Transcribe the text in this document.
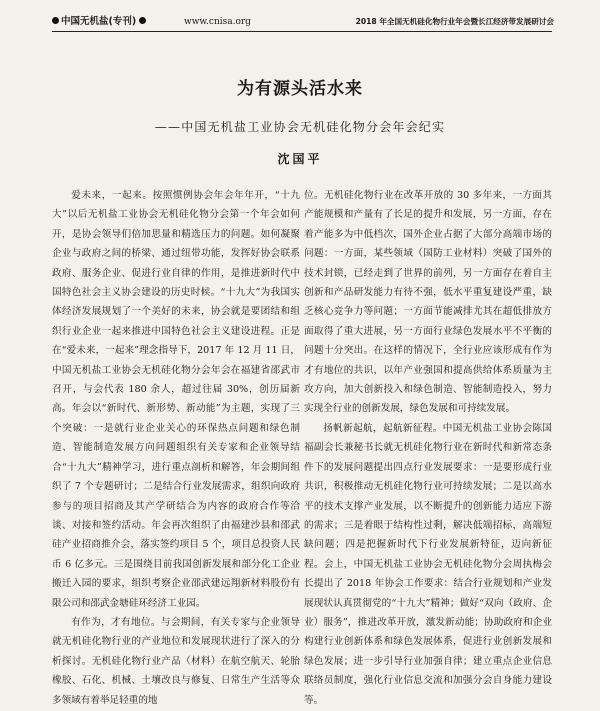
中国无机盐(专刊)	www.cnisa.org	2018 年全国无机硅化物行业年会暨长江经济带发展研讨会
为有源头活水来
——中国无机盐工业协会无机硅化物分会年会纪实
沈国平

爱未来，一起来。按照惯例协会年会年年开，“十九大”以后无机盐工业协会无机硅化物分会第一个年会如何开，是协会领导们倍加思量和精选压力的问题。如何凝聚企业与政府之间的桥梁、通过纽带功能，发挥好协会联系政府、服务企业、促进行业自律的作用，是推进新时代中国特色社会主义协会建设的历史时候。“十九大”为我国实体经济发展规划了一个美好的未来，协会就是要团结和组织行业企业一起来推进中国特色社会主义建设进程。正是在“爱未来，一起来”理念指导下，2017 年 12 月 11 日，中国无机盐工业协会无机硅化物分会年会在福建省邵武市召开，与会代表 180 余人，超过往届 30%，创历届新高。年会以“新时代、新形势、新动能”为主题，实现了三个突破：一是就行业企业关心的环保热点问题和绿色制造、智能制造发展方向问题组织有关专家和企业领导结合“十九大”精神学习，进行重点剖析和解答，年会期间组织了 7 个专题研讨；二是结合行业发展需求，组织向政府参与的项目招商及其产学研结合为内容的政府合作等洽谈、对接和签约活动。年会再次组织了由福建沙县和邵武硅产业招商推介会，落实签约项目 5 个，项目总投资人民币 6 亿多元。三是围绕目前我国创新发展和部分化工企业搬迁入园的要求，组织考察企业邵武建远翔新材料股份有限公司和邵武金塘硅环经济工业园。

有作为，才有地位。与会期间，有关专家与企业领导就无机硅化物行业的产业地位和发展现状进行了深入的分析探讨。无机硅化物行业产品（材料）在航空航天、轮胎橡胶、石化、机械、土壤改良与修复、日常生产生活等众多领域有着举足轻重的地

位。无机硅化物行业在改革开放的 30 多年来，一方面其产能规模和产量有了长足的提升和发展，另一方面，存在着产能多为中低档次，国外企业占据了大部分高端市场的问题：一方面，某些领域（国防工业材料）突破了国外的技术封锁，已经走到了世界的前列，另一方面存在着自主创新和产品研发能力有待不强，低水平重复建设严重，缺乏核心竞争力等问题；一方面节能减排尤其在超低排放方面取得了重大进展，另一方面行业绿色发展水平不平衡的问题十分突出。在这样的情况下，全行业应该形成有作为才有地位的共识，以年产业强国和提高供给体系质量为主攻方向，加大创新投入和绿色制造、智能制造投入，努力实现全行业的创新发展，绿色发展和可持续发展。

扬帆新起航，起航新征程。中国无机盐工业协会陈国福副会长兼秘书长就无机硅化物行业在新时代和新常态条件下的发展问题提出四点行业发展要求：一是要形成行业共识，积极推动无机硅化物行业可持续发展；二是以高水平的技术支撑产业发展，以不断提升的创新能力适应下游的需求；三是着眼于结构性过剩，解决低端招标，高端短缺问题；四是把握新时代下行业发展新特征，迈向新征程。会上，中国无机盐工业协会无机硅化物分会周执梅会长提出了 2018 年协会工作要求：结合行业规划和产业发展现状认真贯彻党的“十九大”精神；做好“双向（政府、企业）服务”，推进改革开放，激发新动能；协助政府和企业构建行业创新体系和绿色发展体系，促进行业创新发展和绿色发展；进一步引导行业加强自律；建立重点企业信息联络员制度，强化行业信息交流和加强分会自身能力建设等。
